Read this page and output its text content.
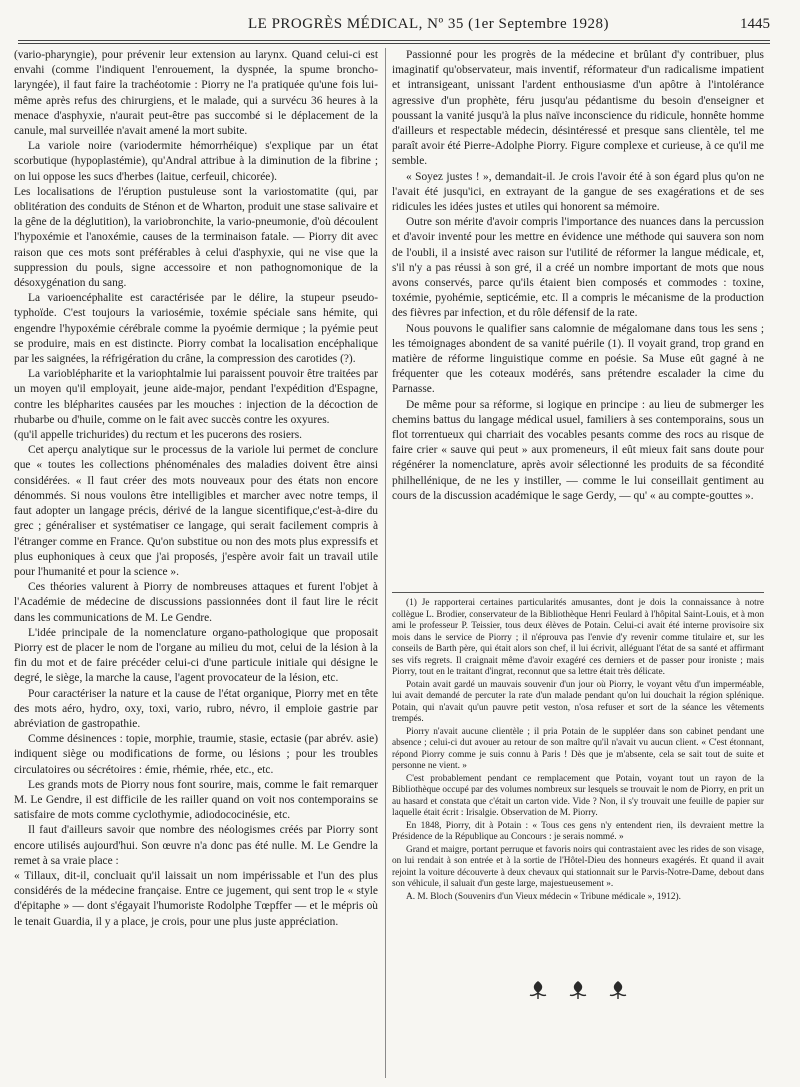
LE PROGRÈS MÉDICAL, Nº 35 (1er Septembre 1928)	1445

(vario-pharyngie), pour prévenir leur extension au larynx. Quand celui-ci est envahi (comme l'indiquent l'enrouement, la dyspnée, la spume broncho-laryngée), il faut faire la trachéotomie : Piorry ne l'a pratiquée qu'une fois lui-même après refus des chirurgiens, et le malade, qui a survécu 36 heures à la menace d'asphyxie, n'aurait peut-être pas succombé si le déplacement de la canule, mal surveillée n'avait amené la mort subite.

La variole noire (variodermite hémorrhéique) s'explique par un état scorbutique (hypoplastémie), qu'Andral attribue à la diminution de la fibrine ; on lui oppose les sucs d'herbes (laitue, cerfeuil, chicorée).

Les localisations de l'éruption pustuleuse sont la variostomatite (qui, par oblitération des conduits de Sténon et de Wharton, produit une stase salivaire et la gêne de la déglutition), la variobronchite, la vario-pneumonie, d'où découlent l'hypoxémie et l'anoxémie, causes de la terminaison fatale. — Piorry dit avec raison que ces mots sont préférables à celui d'asphyxie, qui ne vise que la suppression du pouls, signe accessoire et non pathognomonique de la désoxygénation du sang.

La varioencéphalite est caractérisée par le délire, la stupeur pseudo-typhoïde. C'est toujours la variosémie, toxémie spéciale sans hémite, qui engendre l'hypoxémie cérébrale comme la pyoémie dermique ; la pyémie peut se produire, mais en est distincte. Piorry combat la localisation encéphalique par les saignées, la réfrigération du crâne, la compression des carotides (?).

La varioblépharite et la variophtalmie lui paraissent pouvoir être traitées par un moyen qu'il employait, jeune aide-major, pendant l'expédition d'Espagne, contre les blépharites causées par les mouches : injection de la décoction de rhubarbe ou d'huile, comme on le fait avec succès contre les oxyures.

(qu'il appelle trichurides) du rectum et les pucerons des rosiers.

Cet aperçu analytique sur le processus de la variole lui permet de conclure que « toutes les collections phénoménales des maladies doivent être ainsi considérées. « Il faut créer des mots nouveaux pour des états non encore dénommés. Si nous voulons être intelligibles et marcher avec notre temps, il faut adopter un langage précis, dérivé de la langue sicentifique,c'est-à-dire du grec ; généraliser et systématiser ce langage, qui serait facilement compris à l'étranger comme en France. Qu'on substitue ou non des mots plus expressifs et plus euphoniques à ceux que j'ai proposés, j'espère avoir fait un travail utile pour l'humanité et pour la science ».

Ces théories valurent à Piorry de nombreuses attaques et furent l'objet à l'Académie de médecine de discussions passionnées dont il faut lire le récit dans les communications de M. Le Gendre.

L'idée principale de la nomenclature organo-pathologique que proposait Piorry est de placer le nom de l'organe au milieu du mot, celui de la lésion à la fin du mot et de faire précéder celui-ci d'une particule initiale qui désigne le degré, le siège, la marche la cause, l'agent provocateur de la lésion, etc.

Pour caractériser la nature et la cause de l'état organique, Piorry met en tête des mots aéro, hydro, oxy, toxi, vario, rubro, névro, il emploie gastrie par abréviation de gastropathie.

Comme désinences : topie, morphie, traumie, stasie, ectasie (par abrév. asie) indiquent siège ou modifications de forme, ou lésions ; pour les troubles circulatoires ou sécrétoires : émie, rhémie, rhée, etc., etc.

Les grands mots de Piorry nous font sourire, mais, comme le fait remarquer M. Le Gendre, il est difficile de les railler quand on voit nos contemporains se satisfaire de mots comme cyclothymie, adiodococinésie, etc.

Il faut d'ailleurs savoir que nombre des néologismes créés par Piorry sont encore utilisés aujourd'hui. Son œuvre n'a donc pas été nulle. M. Le Gendre la remet à sa vraie place :

« Tillaux, dit-il, concluait qu'il laissait un nom impérissable et l'un des plus considérés de la médecine française. Entre ce jugement, qui sent trop le « style d'épitaphe » — dont s'égayait l'humoriste Rodolphe Tœpffer — et le mépris où le tenait Guardia, il y a place, je crois, pour une plus juste appréciation.

Passionné pour les progrès de la médecine et brûlant d'y contribuer, plus imaginatif qu'observateur, mais inventif, réformateur d'un radicalisme impatient et intransigeant, unissant l'ardent enthousiasme d'un apôtre à l'intolérance agressive d'un prophète, féru jusqu'au pédantisme du besoin d'enseigner et poussant la vanité jusqu'à la plus naïve inconscience du ridicule, honnête homme d'ailleurs et respectable médecin, désintéressé et presque sans clientèle, tel me paraît avoir été Pierre-Adolphe Piorry. Figure complexe et curieuse, à ce qu'il me semble.

« Soyez justes ! », demandait-il. Je crois l'avoir été à son égard plus qu'on ne l'avait été jusqu'ici, en extrayant de la gangue de ses exagérations et de ses ridicules les idées justes et utiles qui honorent sa mémoire.

Outre son mérite d'avoir compris l'importance des nuances dans la percussion et d'avoir inventé pour les mettre en évidence une méthode qui sauvera son nom de l'oubli, il a insisté avec raison sur l'utilité de réformer la langue médicale, et, s'il n'y a pas réussi à son gré, il a créé un nombre important de mots que nous avons conservés, parce qu'ils étaient bien composés et commodes : toxine, toxémie, pyohémie, septicémie, etc. Il a compris le mécanisme de la production des fièvres par infection, et du rôle défensif de la rate.

Nous pouvons le qualifier sans calomnie de mégalomane dans tous les sens ; les témoignages abondent de sa vanité puérile (1). Il voyait grand, trop grand en matière de réforme linguistique comme en poésie. Sa Muse eût gagné à ne fréquenter que les coteaux modérés, sans prétendre escalader la cime du Parnasse.

De même pour sa réforme, si logique en principe : au lieu de submerger les chemins battus du langage médical usuel, familiers à ses contemporains, sous un flot torrentueux qui charriait des vocables pesants comme des rocs au risque de faire crier « sauve qui peut » aux promeneurs, il eût mieux fait sans doute pour régénérer la nomenclature, après avoir sélectionné les produits de sa fécondité philhellénique, de ne les y instiller, — comme le lui conseillait gentiment au cours de la discussion académique le sage Gerdy, — qu' « au compte-gouttes ».

(1) Je rapporterai certaines particularités amusantes, dont je dois la connaissance à notre collègue L. Brodier, conservateur de la Bibliothèque Henri Feulard à l'hôpital Saint-Louis, et à mon ami le professeur P. Teissier, tous deux élèves de Potain. Celui-ci avait été interne provisoire six mois dans le service de Piorry ; il n'éprouva pas l'envie d'y revenir comme titulaire et, sur les conseils de Barth père, qui était alors son chef, il lui écrivit, alléguant l'état de sa santé et affirmant ses vifs regrets. Il craignait même d'avoir exagéré ces derniers et de passer pour ironiste ; mais Piorry, tout en le traitant d'ingrat, reconnut que sa lettre était très délicate.

Potain avait gardé un mauvais souvenir d'un jour où Piorry, le voyant vêtu d'un imperméable, lui avait demandé de percuter la rate d'un malade pendant qu'on lui douchait la région splénique. Potain, qui n'avait qu'un pauvre petit veston, n'osa refuser et sort de la séance les vêtements trempés.

Piorry n'avait aucune clientèle ; il pria Potain de le suppléer dans son cabinet pendant une absence ; celui-ci dut avouer au retour de son maître qu'il n'avait vu aucun client. « C'est étonnant, répond Piorry comme je suis connu à Paris ! Dès que je m'absente, cela se sait tout de suite et personne ne vient. »

C'est probablement pendant ce remplacement que Potain, voyant tout un rayon de la Bibliothèque occupé par des volumes nombreux sur lesquels se trouvait le nom de Piorry, en prit un au hasard et constata que c'était un carton vide. Vide ? Non, il s'y trouvait une feuille de papier sur laquelle était écrit : Irisalgie. Observation de M. Piorry.

En 1848, Piorry, dit à Potain : « Tous ces gens n'y entendent rien, ils devraient mettre la Présidence de la République au Concours : je serais nommé. »

Grand et maigre, portant perruque et favoris noirs qui contrastaient avec les rides de son visage, on lui rendait à son entrée et à la sortie de l'Hôtel-Dieu des honneurs exagérés. Et quand il avait rejoint la voiture découverte à deux chevaux qui stationnait sur le Parvis-Notre-Dame, debout dans son véhicule, il saluait d'un geste large, majestueusement ».

A. M. Bloch (Souvenirs d'un Vieux médecin « Tribune médicale », 1912).
